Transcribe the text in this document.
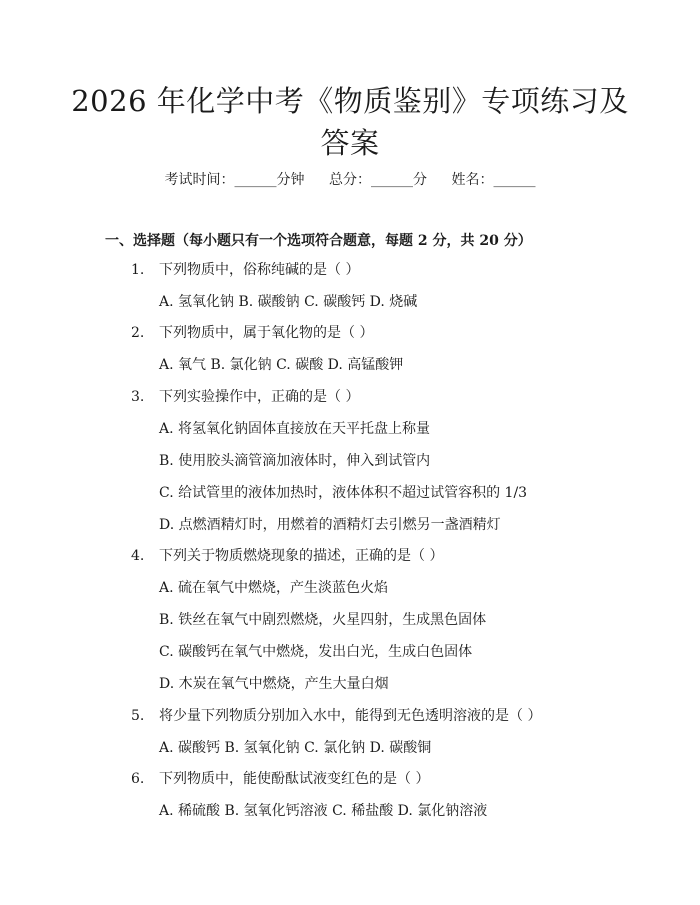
2026 年化学中考《物质鉴别》专项练习及答案
考试时间：______分钟 总分：______分 姓名：______
一、选择题（每小题只有一个选项符合题意，每题 2 分，共 20 分）
1. 下列物质中，俗称纯碱的是（ ）
A. 氢氧化钠 B. 碳酸钠 C. 碳酸钙 D. 烧碱
2. 下列物质中，属于氧化物的是（ ）
A. 氧气 B. 氯化钠 C. 碳酸 D. 高锰酸钾
3. 下列实验操作中，正确的是（ ）
A. 将氢氧化钠固体直接放在天平托盘上称量
B. 使用胶头滴管滴加液体时，伸入到试管内
C. 给试管里的液体加热时，液体体积不超过试管容积的 1/3
D. 点燃酒精灯时，用燃着的酒精灯去引燃另一盏酒精灯
4. 下列关于物质燃烧现象的描述，正确的是（ ）
A. 硫在氧气中燃烧，产生淡蓝色火焰
B. 铁丝在氧气中剧烈燃烧，火星四射，生成黑色固体
C. 碳酸钙在氧气中燃烧，发出白光，生成白色固体
D. 木炭在氧气中燃烧，产生大量白烟
5. 将少量下列物质分别加入水中，能得到无色透明溶液的是（ ）
A. 碳酸钙 B. 氢氧化钠 C. 氯化钠 D. 碳酸铜
6. 下列物质中，能使酚酞试液变红色的是（ ）
A. 稀硫酸 B. 氢氧化钙溶液 C. 稀盐酸 D. 氯化钠溶液
